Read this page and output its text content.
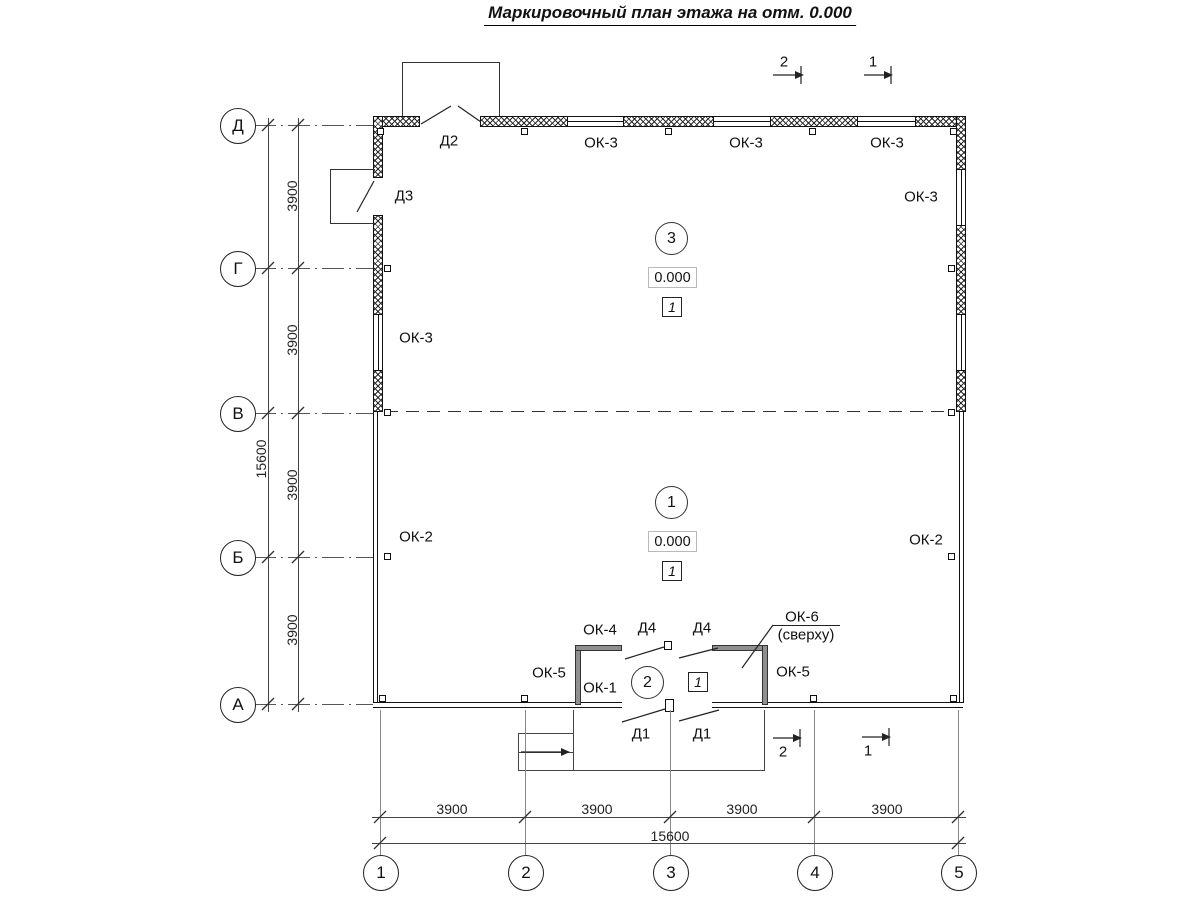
Маркировочный план этажа на отм. 0.000
Д
Г
В
Б
А
1	2	3	4	5
3900
3900
3900
3900
15600
3900	3900	3900	3900
15600
Д2
Д3
ОК-3	ОК-3	ОК-3
ОК-3
ОК-3
ОК-2	ОК-2
ОК-4 Д4 Д4
ОК-5	ОК-5
ОК-1
ОК-6
(сверху)
Д1	Д1
2	1
2	1
3
0.000
1
1
0.000
1
2	1
